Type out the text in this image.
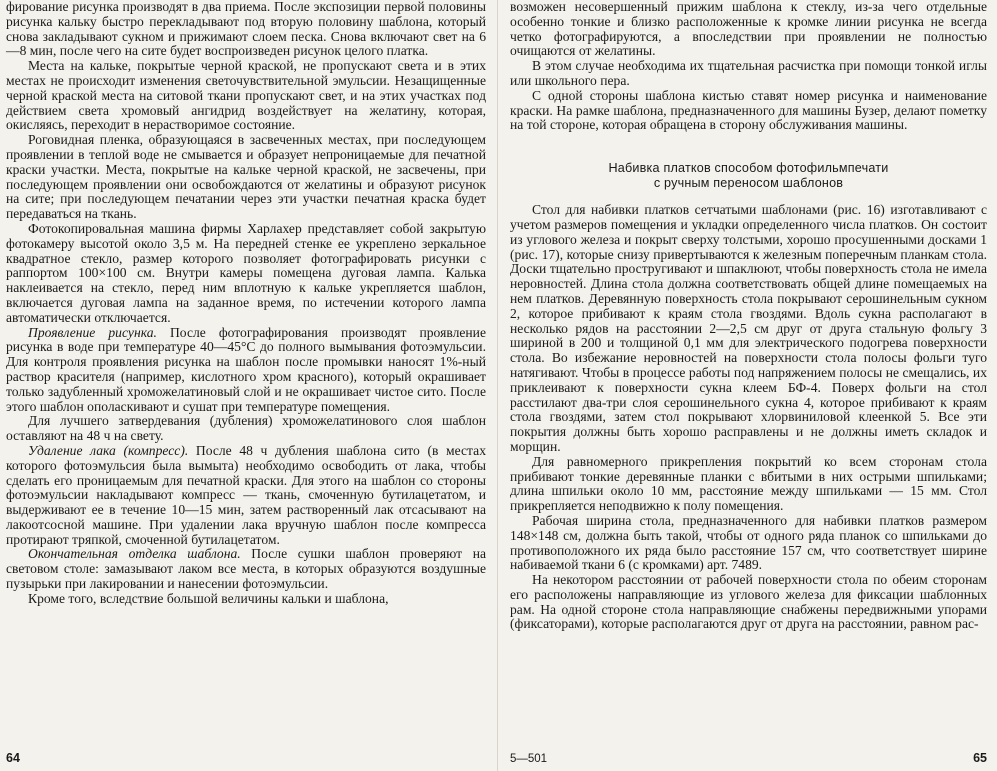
фирование рисунка производят в два приема. После экспозиции первой половины рисунка кальку быстро перекладывают под вторую половину шаблона, который снова закладывают сукном и прижимают слоем песка. Снова включают свет на 6—8 мин, после чего на сите будет воспроизведен рисунок целого платка.

Места на кальке, покрытые черной краской, не пропускают света и в этих местах не происходит изменения светочувствительной эмульсии. Незащищенные черной краской места на ситовой ткани пропускают свет, и на этих участках под действием света хромовый ангидрид воздействует на желатину, которая, окисляясь, переходит в нерастворимое состояние.

Роговидная пленка, образующаяся в засвеченных местах, при последующем проявлении в теплой воде не смывается и образует непроницаемые для печатной краски участки. Места, покрытые на кальке черной краской, не засвечены, при последующем проявлении они освобождаются от желатины и образуют рисунок на сите; при последующем печатании через эти участки печатная краска будет передаваться на ткань.

Фотокопировальная машина фирмы Харлахер представляет собой закрытую фотокамеру высотой около 3,5 м. На передней стенке ее укреплено зеркальное квадратное стекло, размер которого позволяет фотографировать рисунки с раппортом 100×100 см. Внутри камеры помещена дуговая лампа. Калька наклеивается на стекло, перед ним вплотную к кальке укрепляется шаблон, включается дуговая лампа на заданное время, по истечении которого лампа автоматически отключается.

Проявление рисунка. После фотографирования производят проявление рисунка в воде при температуре 40—45°С до полного вымывания фотоэмульсии. Для контроля проявления рисунка на шаблон после промывки наносят 1%-ный раствор красителя (например, кислотного хром красного), который окрашивает только задубленный хроможелатиновый слой и не окрашивает чистое сито. После этого шаблон ополаскивают и сушат при температуре помещения.

Для лучшего затвердевания (дубления) хроможелатинового слоя шаблон оставляют на 48 ч на свету.

Удаление лака (компресс). После 48 ч дубления шаблона сито (в местах которого фотоэмульсия была вымыта) необходимо освободить от лака, чтобы сделать его проницаемым для печатной краски. Для этого на шаблон со стороны фотоэмульсии накладывают компресс — ткань, смоченную бутилацетатом, и выдерживают ее в течение 10—15 мин, затем растворенный лак отсасывают на лакоотсосной машине. При удалении лака вручную шаблон после компресса протирают тряпкой, смоченной бутилацетатом.

Окончательная отделка шаблона. После сушки шаблон проверяют на световом столе: замазывают лаком все места, в которых образуются воздушные пузырьки при лакировании и нанесении фотоэмульсии.

Кроме того, вследствие большой величины кальки и шаблона,

64

возможен несовершенный прижим шаблона к стеклу, из-за чего отдельные особенно тонкие и близко расположенные к кромке линии рисунка не всегда четко фотографируются, а впоследствии при проявлении не полностью очищаются от желатины.

В этом случае необходима их тщательная расчистка при помощи тонкой иглы или школьного пера.

С одной стороны шаблона кистью ставят номер рисунка и наименование краски. На рамке шаблона, предназначенного для машины Бузер, делают пометку на той стороне, которая обращена в сторону обслуживания машины.

Набивка платков способом фотофильмпечати
с ручным переносом шаблонов

Стол для набивки платков сетчатыми шаблонами (рис. 16) изготавливают с учетом размеров помещения и укладки определенного числа платков. Он состоит из углового железа и покрыт сверху толстыми, хорошо просушенными досками 1 (рис. 17), которые снизу привертываются к железным поперечным планкам стола. Доски тщательно простругивают и шпаклюют, чтобы поверхность стола не имела неровностей. Длина стола должна соответствовать общей длине помещаемых на нем платков. Деревянную поверхность стола покрывают серошинельным сукном 2, которое прибивают к краям стола гвоздями. Вдоль сукна располагают в несколько рядов на расстоянии 2—2,5 см друг от друга стальную фольгу 3 шириной в 200 и толщиной 0,1 мм для электрического подогрева поверхности стола. Во избежание неровностей на поверхности стола полосы фольги туго натягивают. Чтобы в процессе работы под напряжением полосы не смещались, их приклеивают к поверхности сукна клеем БФ-4. Поверх фольги на стол расстилают два-три слоя серошинельного сукна 4, которое прибивают к краям стола гвоздями, затем стол покрывают хлорвиниловой клеенкой 5. Все эти покрытия должны быть хорошо расправлены и не должны иметь складок и морщин.

Для равномерного прикрепления покрытий ко всем сторонам стола прибивают тонкие деревянные планки с вбитыми в них острыми шпильками; длина шпильки около 10 мм, расстояние между шпильками — 15 мм. Стол прикрепляется неподвижно к полу помещения.

Рабочая ширина стола, предназначенного для набивки платков размером 148×148 см, должна быть такой, чтобы от одного ряда планок со шпильками до противоположного их ряда было расстояние 157 см, что соответствует ширине набиваемой ткани 6 (с кромками) арт. 7489.

На некотором расстоянии от рабочей поверхности стола по обеим сторонам его расположены направляющие из углового железа для фиксации шаблонных рам. На одной стороне стола направляющие снабжены передвижными упорами (фиксаторами), которые располагаются друг от друга на расстоянии, равном рас-

5—501	65
